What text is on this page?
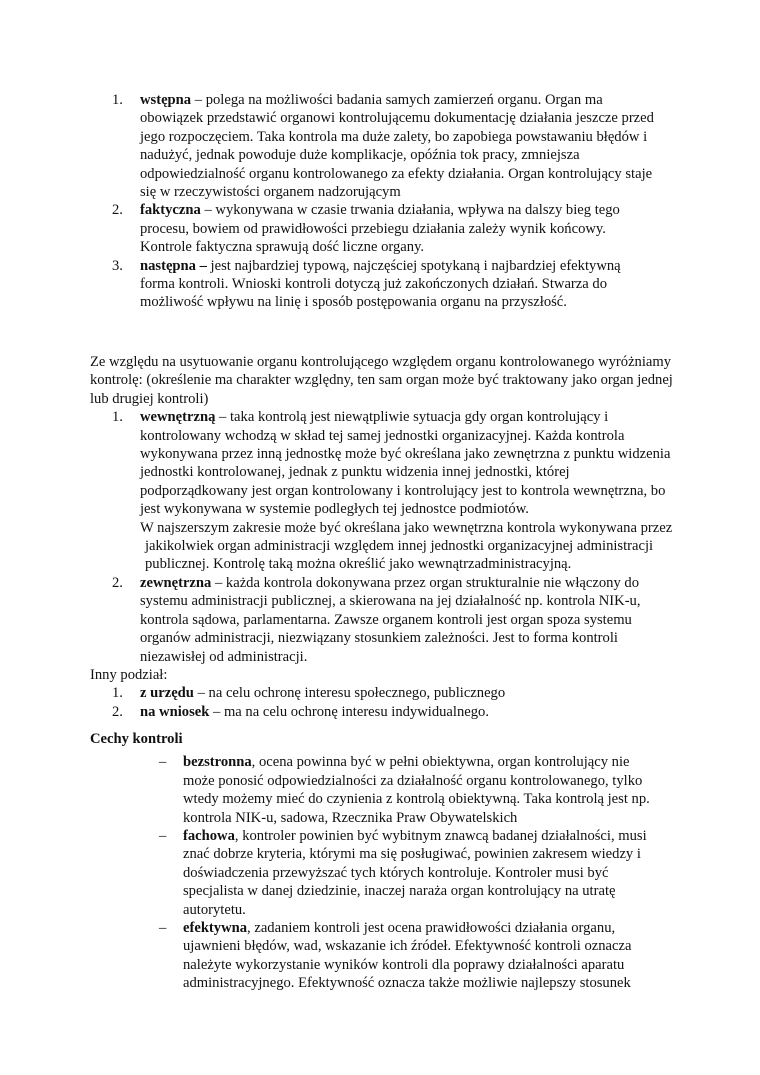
1. wstępna – polega na możliwości badania samych zamierzeń organu. Organ ma obowiązek przedstawić organowi kontrolującemu dokumentację działania jeszcze przed jego rozpoczęciem. Taka kontrola ma duże zalety, bo zapobiega powstawaniu błędów i nadużyć, jednak powoduje duże komplikacje, opóźnia tok pracy, zmniejsza odpowiedzialność organu kontrolowanego za efekty działania. Organ kontrolujący staje się w rzeczywistości organem nadzorującym
2. faktyczna – wykonywana w czasie trwania działania, wpływa na dalszy bieg tego procesu, bowiem od prawidłowości przebiegu działania zależy wynik końcowy. Kontrole faktyczna sprawują dość liczne organy.
3. następna – jest najbardziej typową, najczęściej spotykaną i najbardziej efektywną forma kontroli. Wnioski kontroli dotyczą już zakończonych działań. Stwarza do możliwość wpływu na linię i sposób postępowania organu na przyszłość.

Ze względu na usytuowanie organu kontrolującego względem organu kontrolowanego wyróżniamy kontrolę: (określenie ma charakter względny, ten sam organ może być traktowany jako organ jednej lub drugiej kontroli)

1. wewnętrzną – taka kontrolą jest niewątpliwie sytuacja gdy organ kontrolujący i kontrolowany wchodzą w skład tej samej jednostki organizacyjnej. Każda kontrola wykonywana przez inną jednostkę może być określana jako zewnętrzna z punktu widzenia jednostki kontrolowanej, jednak z punktu widzenia innej jednostki, której podporządkowany jest organ kontrolowany i kontrolujący jest to kontrola wewnętrzna, bo jest wykonywana w systemie podległych tej jednostce podmiotów.
W najszerszym zakresie może być określana jako wewnętrzna kontrola wykonywana przez jakikolwiek organ administracji względem innej jednostki organizacyjnej administracji publicznej. Kontrolę taką można określić jako wewnątrzadministracyjną.
2. zewnętrzna – każda kontrola dokonywana przez organ strukturalnie nie włączony do systemu administracji publicznej, a skierowana na jej działalność np. kontrola NIK-u, kontrola sądowa, parlamentarna. Zawsze organem kontroli jest organ spoza systemu organów administracji, niezwiązany stosunkiem zależności. Jest to forma kontroli niezawisłej od administracji.

Inny podział:

1. z urzędu – na celu ochronę interesu społecznego, publicznego
2. na wniosek – ma na celu ochronę interesu indywidualnego.

Cechy kontroli

– bezstronna, ocena powinna być w pełni obiektywna, organ kontrolujący nie może ponosić odpowiedzialności za działalność organu kontrolowanego, tylko wtedy możemy mieć do czynienia z kontrolą obiektywną. Taka kontrolą jest np. kontrola NIK-u, sadowa, Rzecznika Praw Obywatelskich
– fachowa, kontroler powinien być wybitnym znawcą badanej działalności, musi znać dobrze kryteria, którymi ma się posługiwać, powinien zakresem wiedzy i doświadczenia przewyższać tych których kontroluje. Kontroler musi być specjalista w danej dziedzinie, inaczej naraża organ kontrolujący na utratę autorytetu.
– efektywna, zadaniem kontroli jest ocena prawidłowości działania organu, ujawnieni błędów, wad, wskazanie ich źródeł. Efektywność kontroli oznacza należyte wykorzystanie wyników kontroli dla poprawy działalności aparatu administracyjnego. Efektywność oznacza także możliwie najlepszy stosunek
